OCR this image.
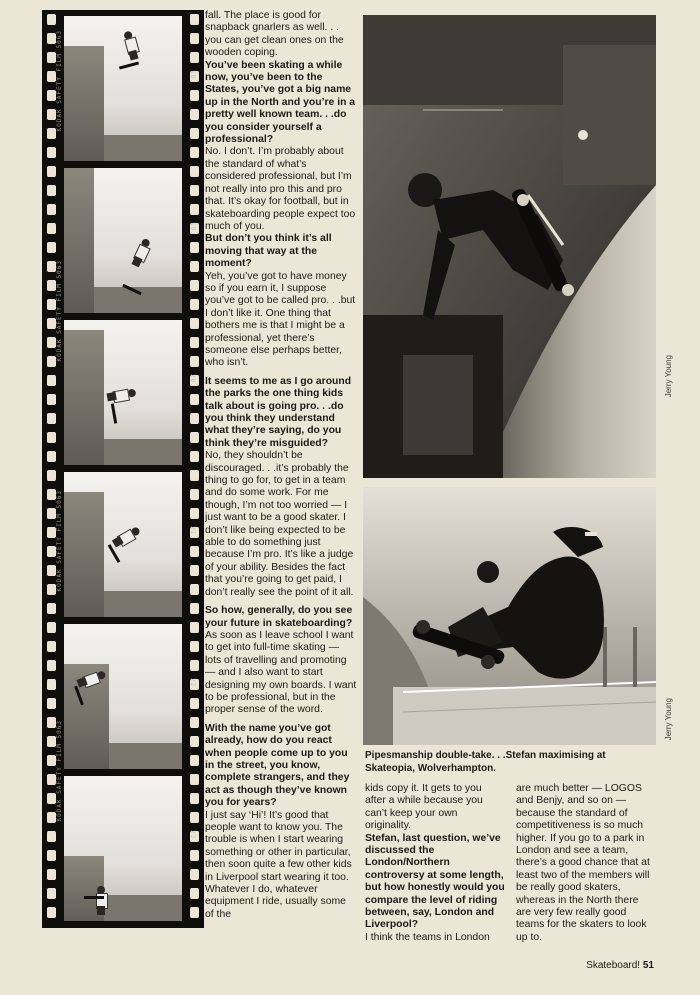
KODAK SAFETY FILM 5063
KODAK SAFETY FILM 5063
KODAK SAFETY FILM 5063
KODAK SAFETY FILM 5063
18
19
20
21
22
23

fall. The place is good for snapback gnarlers as well. . . you can get clean ones on the wooden coping.

You’ve been skating a while now, you’ve been to the States, you’ve got a big name up in the North and you’re in a pretty well known team. . .do you consider yourself a professional?

No. I don’t. I’m probably about the standard of what’s considered professional, but I’m not really into pro this and pro that. It’s okay for football, but in skateboarding people expect too much of you.

But don’t you think it’s all moving that way at the moment?

Yeh, you’ve got to have money so if you earn it, I suppose you’ve got to be called pro. . .but I don’t like it. One thing that bothers me is that I might be a professional, yet there’s someone else perhaps better, who isn’t.

It seems to me as I go around the parks the one thing kids talk about is going pro. . .do you think they understand what they’re saying, do you think they’re misguided?

No, they shouldn’t be discouraged. . .it’s probably the thing to go for, to get in a team and do some work. For me though, I’m not too worried — I just want to be a good skater. I don’t like being expected to be able to do something just because I’m pro. It’s like a judge of your ability. Besides the fact that you’re going to get paid, I don’t really see the point of it all.

So how, generally, do you see your future in skateboarding?

As soon as I leave school I want to get into full-time skating — lots of travelling and promoting — and I also want to start designing my own boards. I want to be professional, but in the proper sense of the word.

With the name you’ve got already, how do you react when people come up to you in the street, you know, complete strangers, and they act as though they’ve known you for years?

I just say ‘Hi’! It’s good that people want to know you. The trouble is when I start wearing something or other in particular, then soon quite a few other kids in Liverpool start wearing it too. Whatever I do, whatever equipment I ride, usually some of the

Jerry Young
Jerry Young
Pipesmanship double-take. . .Stefan maximising at Skateopia, Wolverhampton.

kids copy it. It gets to you after a while because you can’t keep your own originality.

Stefan, last question, we’ve discussed the London/Northern controversy at some length, but how honestly would you compare the level of riding between, say, London and Liverpool?

I think the teams in London

are much better — LOGOS and Benjy, and so on — because the standard of competitiveness is so much higher. If you go to a park in London and see a team, there’s a good chance that at least two of the members will be really good skaters, whereas in the North there are very few really good teams for the skaters to look up to.

Skateboard! 51
